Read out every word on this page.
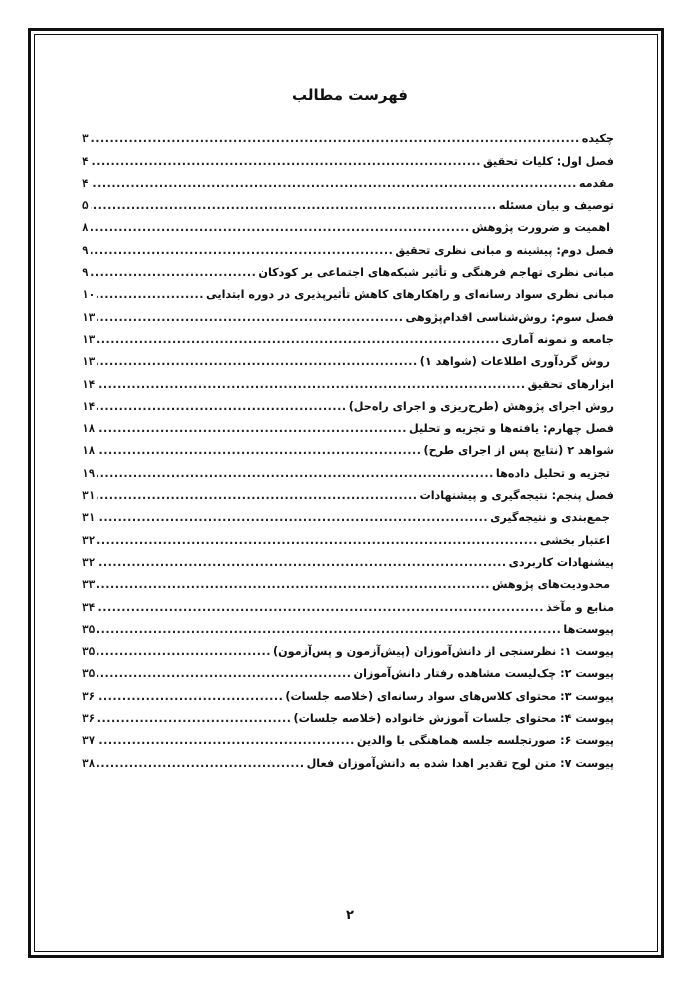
فهرست مطالب
چکیده
.....
۳
فصل اول: کلیات تحقیق
.....
۴
مقدمه
.....
۴
توصیف و بیان مسئله
.....
۵
اهمیت و ضرورت پژوهش
.....
۸
فصل دوم: پیشینه و مبانی نظری تحقیق
.....
۹
مبانی نظری تهاجم فرهنگی و تأثیر شبکه‌های اجتماعی بر کودکان
.....
۹
مبانی نظری سواد رسانه‌ای و راهکارهای کاهش تأثیرپذیری در دوره ابتدایی
.....
۱۰
فصل سوم: روش‌شناسی اقدام‌پژوهی
.....
۱۳
جامعه و نمونه آماری
.....
۱۳
روش گردآوری اطلاعات (شواهد ۱)
.....
۱۳
ابزارهای تحقیق
.....
۱۴
روش اجرای پژوهش (طرح‌ریزی و اجرای راه‌حل)
.....
۱۴
فصل چهارم: یافته‌ها و تجزیه و تحلیل
.....
۱۸
شواهد ۲ (نتایج پس از اجرای طرح)
.....
۱۸
تجزیه و تحلیل داده‌ها
.....
۱۹
فصل پنجم: نتیجه‌گیری و پیشنهادات
.....
۳۱
جمع‌بندی و نتیجه‌گیری
.....
۳۱
اعتبار بخشی
.....
۳۲
پیشنهادات کاربردی
.....
۳۲
محدودیت‌های پژوهش
.....
۳۳
منابع و مآخذ
.....
۳۴
پیوست‌ها
.....
۳۵
پیوست ۱: نظرسنجی از دانش‌آموزان (پیش‌آزمون و پس‌آزمون)
.....
۳۵
پیوست ۲: چک‌لیست مشاهده رفتار دانش‌آموزان
.....
۳۵
پیوست ۳: محتوای کلاس‌های سواد رسانه‌ای (خلاصه جلسات)
.....
۳۶
پیوست ۴: محتوای جلسات آموزش خانواده (خلاصه جلسات)
.....
۳۶
پیوست ۶: صورتجلسه جلسه هماهنگی با والدین
.....
۳۷
پیوست ۷: متن لوح تقدیر اهدا شده به دانش‌آموزان فعال
.....
۳۸
۲
